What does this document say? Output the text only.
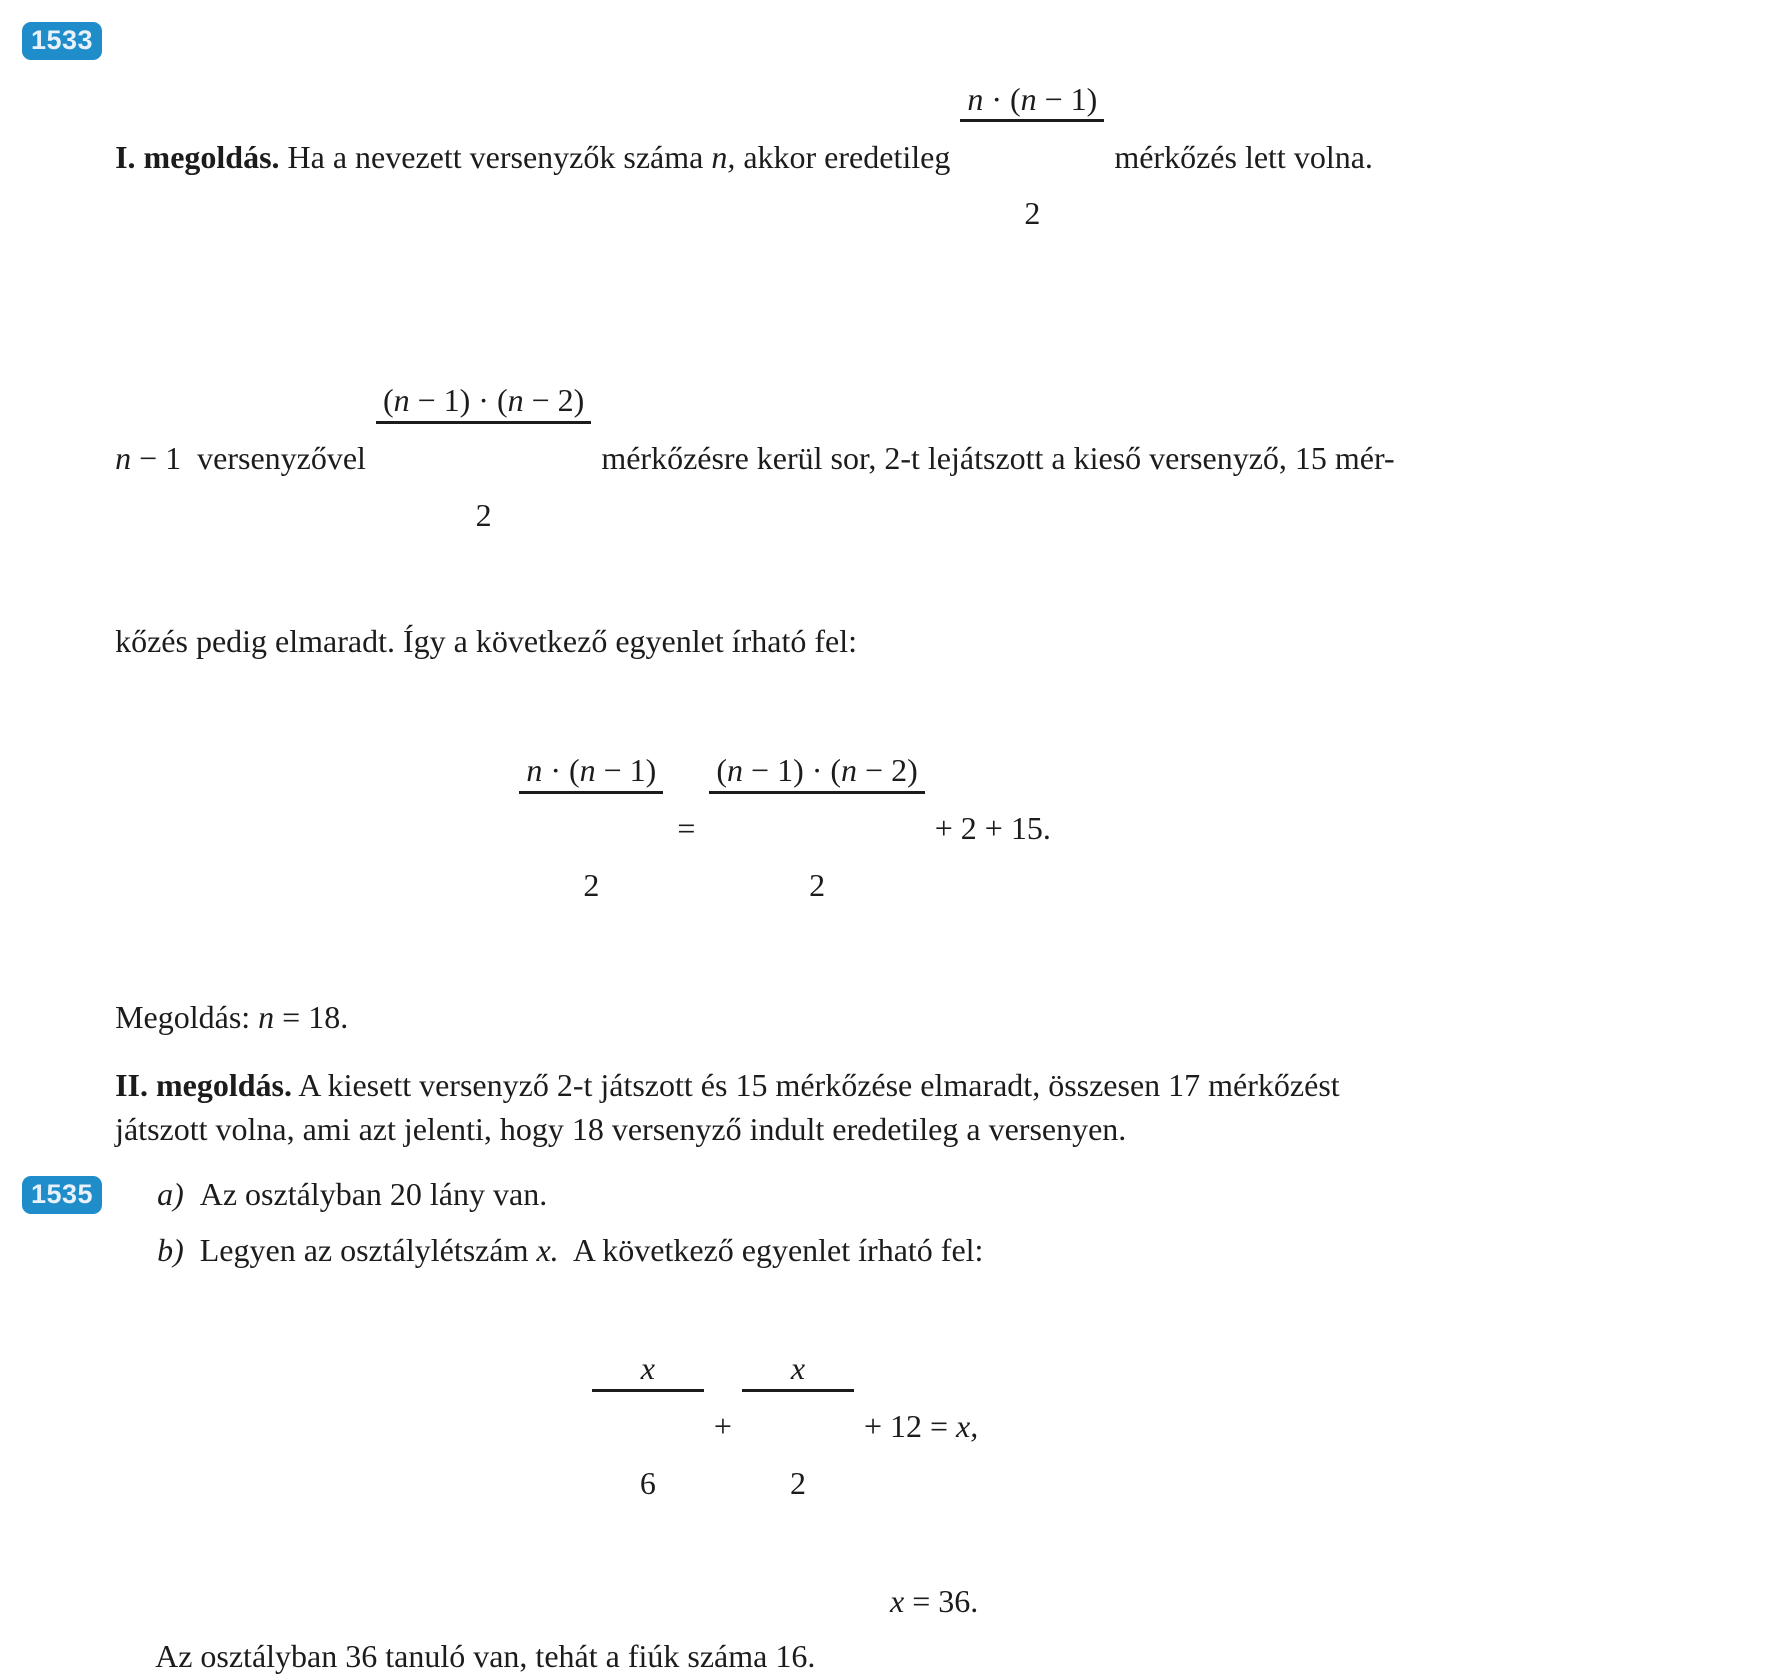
1533
I. megoldás. Ha a nevezett versenyzők száma n, akkor eredetileg

$\frac{n \cdot (n - 1)}{2}$

mérkőzés lett volna.
n − 1  versenyzővel

$\frac{(n - 1) \cdot (n - 2)}{2}$

mérkőzésre kerül sor, 2-t lejátszott a kieső versenyző, 15 mér-
kőzés pedig elmaradt. Így a következő egyenlet írható fel:

$\frac{n \cdot (n - 1)}{2}$

=

$\frac{(n - 1) \cdot (n - 2)}{2}$

+ 2 + 15.
Megoldás: n = 18.
II. megoldás. A kiesett versenyző 2-t játszott és 15 mérkőzése elmaradt, összesen 17 mérkőzést
játszott volna, ami azt jelenti, hogy 18 versenyző indult eredetileg a versenyen.
1535 a) Az osztályban 20 lány van.
b) Legyen az osztálylétszám x.  A következő egyenlet írható fel:

$\frac{x}{6}$

+

$\frac{x}{2}$

+ 12 = x,
x = 36.
Az osztályban 36 tanuló van, tehát a fiúk száma 16.
